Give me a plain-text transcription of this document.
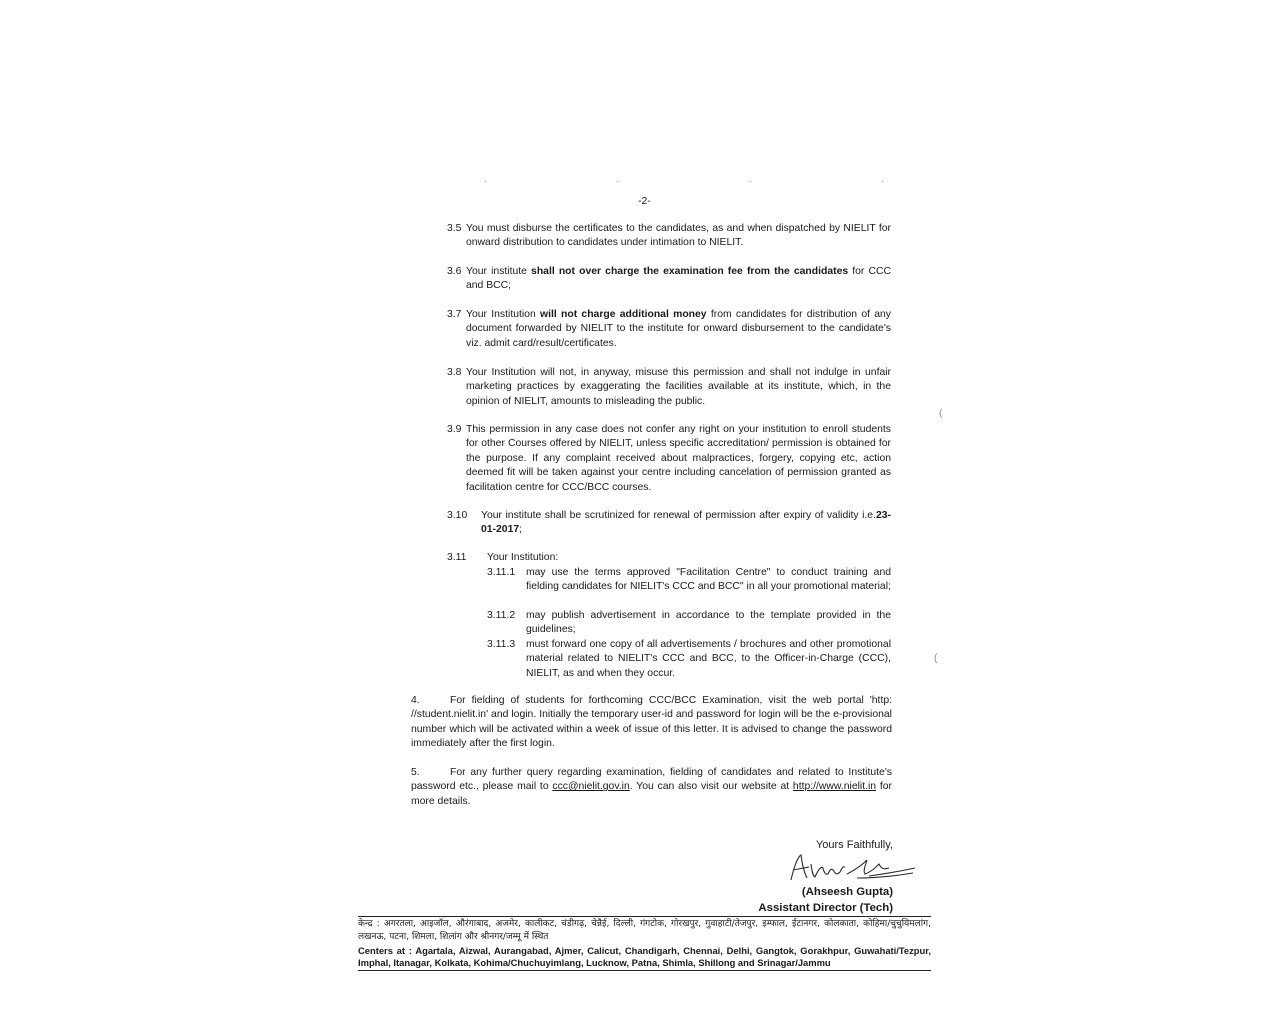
(
(
-2-
3.5 You must disburse the certificates to the candidates, as and when dispatched by NIELIT for onward distribution to candidates under intimation to NIELIT.
3.6 Your institute shall not over charge the examination fee from the candidates for CCC and BCC;
3.7 Your Institution will not charge additional money from candidates for distribution of any document forwarded by NIELIT to the institute for onward disbursement to the candidate's viz. admit card/result/certificates.
3.8 Your Institution will not, in anyway, misuse this permission and shall not indulge in unfair marketing practices by exaggerating the facilities available at its institute, which, in the opinion of NIELIT, amounts to misleading the public.
3.9 This permission in any case does not confer any right on your institution to enroll students for other Courses offered by NIELIT, unless specific accreditation/ permission is obtained for the purpose. If any complaint received about malpractices, forgery, copying etc, action deemed fit will be taken against your centre including cancelation of permission granted as facilitation centre for CCC/BCC courses.
3.10 Your institute shall be scrutinized for renewal of permission after expiry of validity i.e.23-01-2017;
3.11 Your Institution:
3.11.1 may use the terms approved "Facilitation Centre" to conduct training and fielding candidates for NIELIT's CCC and BCC" in all your promotional material;
3.11.2 may publish advertisement in accordance to the template provided in the guidelines;
3.11.3 must forward one copy of all advertisements / brochures and other promotional material related to NIELIT's CCC and BCC, to the Officer-in-Charge (CCC), NIELIT, as and when they occur.
4.	For fielding of students for forthcoming CCC/BCC Examination, visit the web portal 'http: //student.nielit.in' and login. Initially the temporary user-id and password for login will be the e-provisional number which will be activated within a week of issue of this letter. It is advised to change the password immediately after the first login.
5.	For any further query regarding examination, fielding of candidates and related to Institute's password etc., please mail to ccc@nielit.gov.in. You can also visit our website at http://www.nielit.in for more details.
Yours Faithfully,
(Ahseesh Gupta)
Assistant Director (Tech)
केन्द्र : अगरतला, आइजॉल, औरंगाबाद, अजमेर, कालीकट, चंडीगढ़, चेन्नैई, दिल्ली, गंगटोक, गोरखपुर, गुवाहाटी/तेजपुर, इम्फाल, ईटानगर, कोलकाता, कोहिमा/चुचुयिमलांग, लखनऊ, पटना, शिमला, शिलांग और श्रीनगर/जम्मू में स्थित
Centers at : Agartala, Aizwal, Aurangabad, Ajmer, Calicut, Chandigarh, Chennai, Delhi, Gangtok, Gorakhpur, Guwahati/Tezpur, Imphal, Itanagar, Kolkata, Kohima/Chuchuyimlang, Lucknow, Patna, Shimla, Shillong and Srinagar/Jammu
